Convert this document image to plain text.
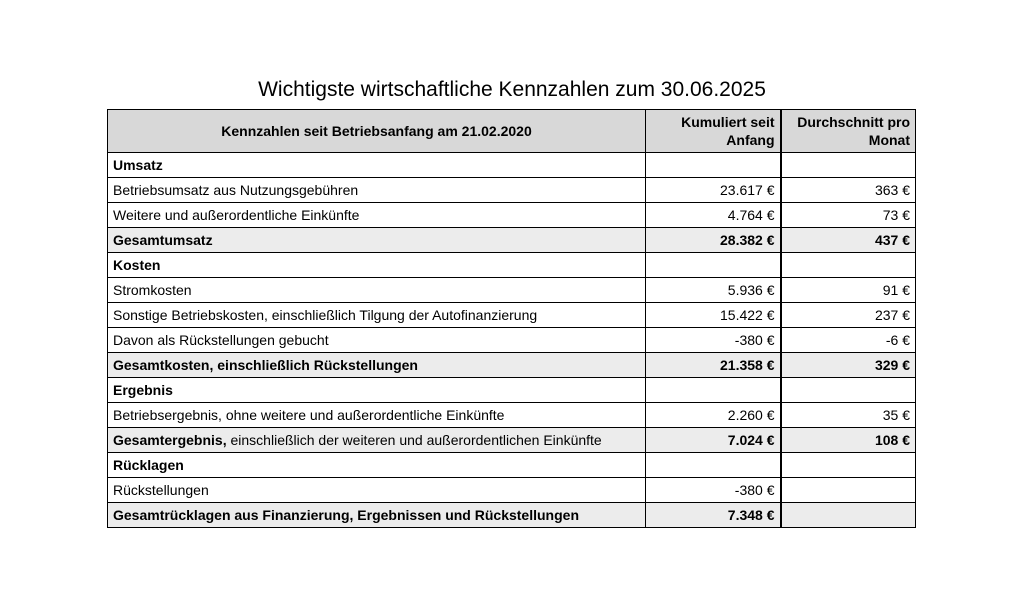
Wichtigste wirtschaftliche Kennzahlen zum 30.06.2025
Kennzahlen seit Betriebsanfang am 21.02.2020	Kumuliert seit Anfang	Durchschnitt pro Monat
Umsatz		
Betriebsumsatz aus Nutzungsgebühren	23.617 €	363 €
Weitere und außerordentliche Einkünfte	4.764 €	73 €
Gesamtumsatz	28.382 €	437 €
Kosten		
Stromkosten	5.936 €	91 €
Sonstige Betriebskosten, einschließlich Tilgung der Autofinanzierung	15.422 €	237 €
Davon als Rückstellungen gebucht	-380 €	-6 €
Gesamtkosten, einschließlich Rückstellungen	21.358 €	329 €
Ergebnis		
Betriebsergebnis, ohne weitere und außerordentliche Einkünfte	2.260 €	35 €
Gesamtergebnis, einschließlich der weiteren und außerordentlichen Einkünfte	7.024 €	108 €
Rücklagen		
Rückstellungen	-380 €	
Gesamtrücklagen aus Finanzierung, Ergebnissen und Rückstellungen	7.348 €	
